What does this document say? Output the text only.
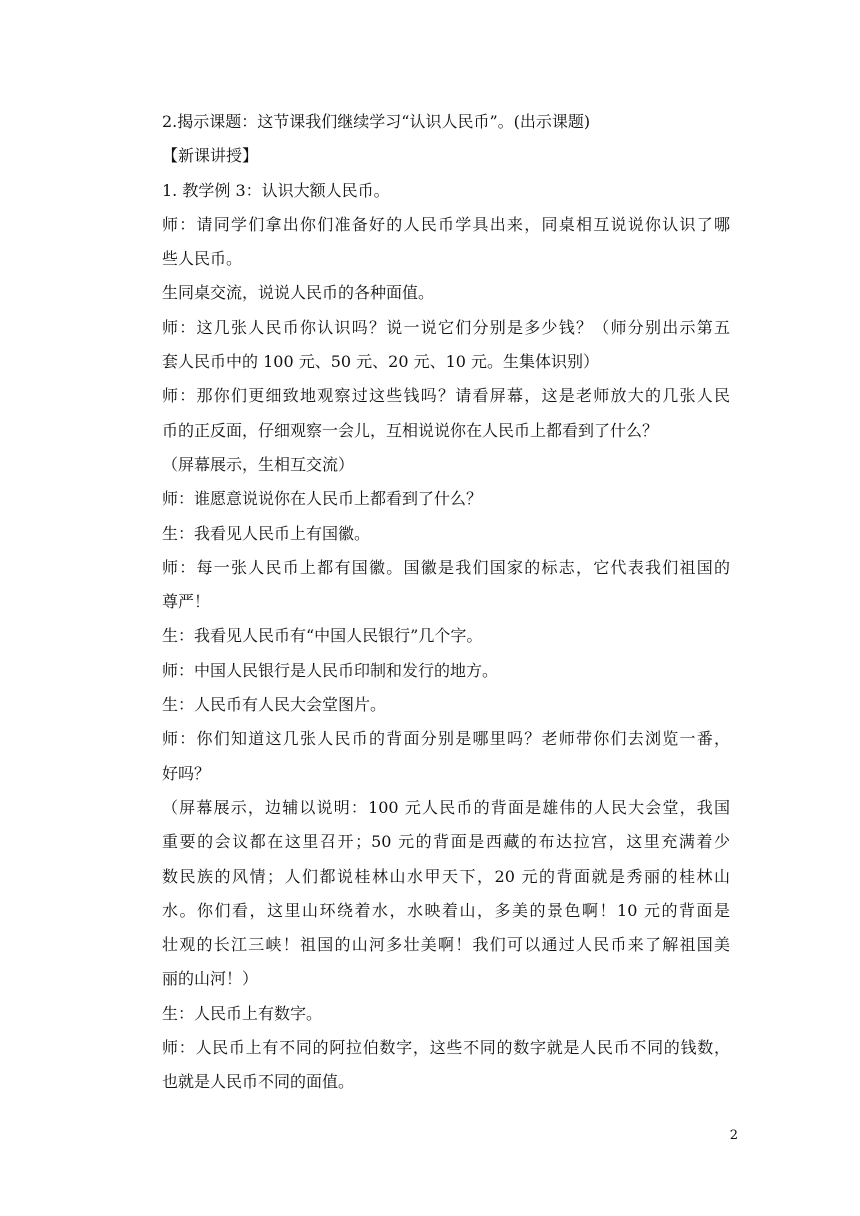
2.揭示课题：这节课我们继续学习“认识人民币”。(出示课题)
【新课讲授】
1. 教学例 3：认识大额人民币。
师：请同学们拿出你们准备好的人民币学具出来，同桌相互说说你认识了哪
些人民币。
生同桌交流，说说人民币的各种面值。
师：这几张人民币你认识吗？说一说它们分别是多少钱？（师分别出示第五
套人民币中的 100 元、50 元、20 元、10 元。生集体识别）
师：那你们更细致地观察过这些钱吗？请看屏幕，这是老师放大的几张人民
币的正反面，仔细观察一会儿，互相说说你在人民币上都看到了什么？
（屏幕展示，生相互交流）
师：谁愿意说说你在人民币上都看到了什么？
生：我看见人民币上有国徽。
师：每一张人民币上都有国徽。国徽是我们国家的标志，它代表我们祖国的
尊严！
生：我看见人民币有“中国人民银行”几个字。
师：中国人民银行是人民币印制和发行的地方。
生：人民币有人民大会堂图片。
师：你们知道这几张人民币的背面分别是哪里吗？老师带你们去浏览一番，
好吗？
（屏幕展示，边辅以说明：100 元人民币的背面是雄伟的人民大会堂，我国
重要的会议都在这里召开；50 元的背面是西藏的布达拉宫，这里充满着少
数民族的风情；人们都说桂林山水甲天下，20 元的背面就是秀丽的桂林山
水。你们看，这里山环绕着水，水映着山，多美的景色啊！10 元的背面是
壮观的长江三峡！祖国的山河多壮美啊！我们可以通过人民币来了解祖国美
丽的山河！）
生：人民币上有数字。
师：人民币上有不同的阿拉伯数字，这些不同的数字就是人民币不同的钱数，
也就是人民币不同的面值。
2
